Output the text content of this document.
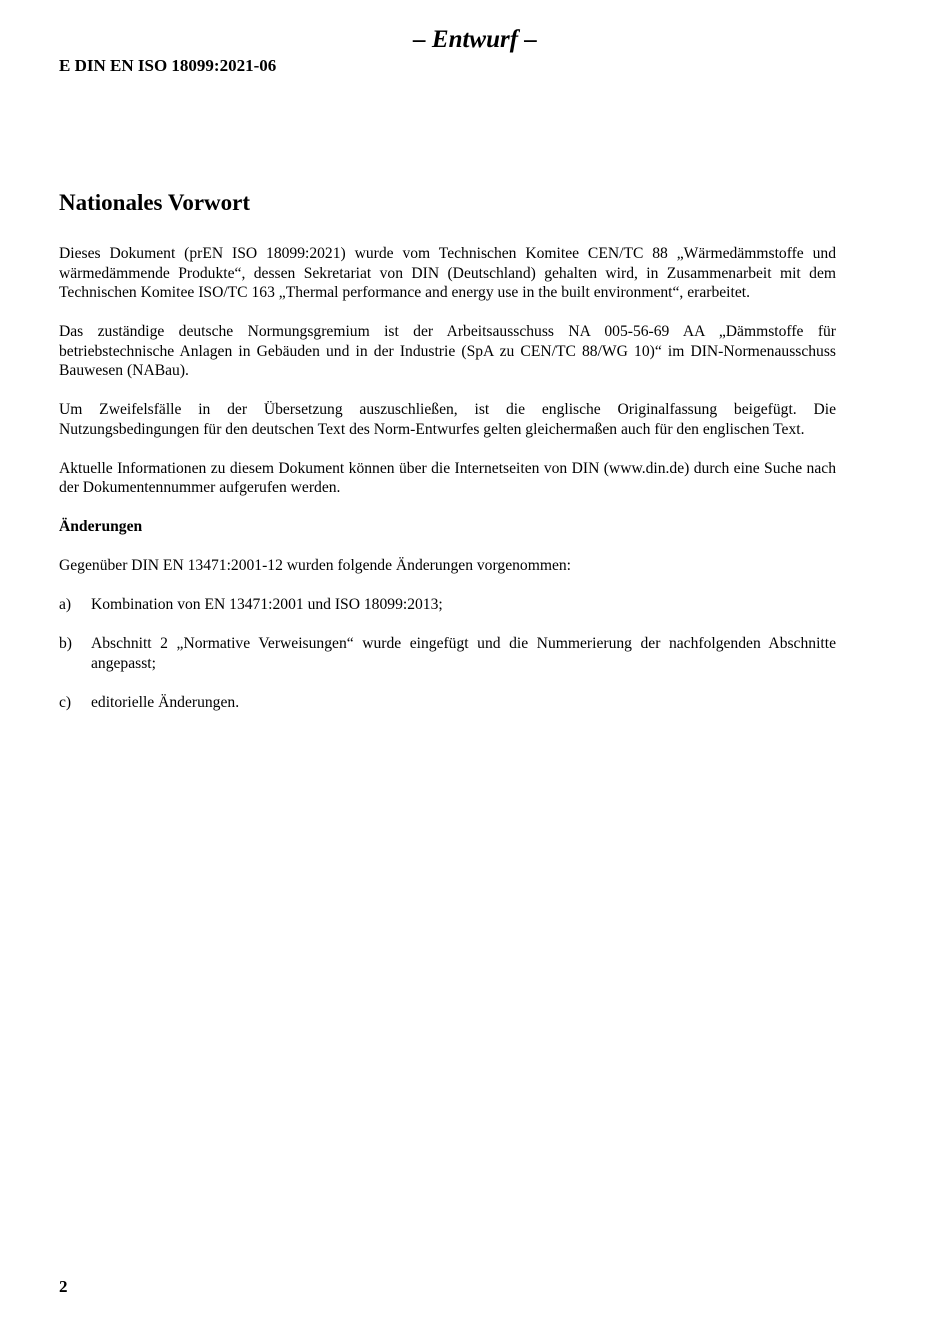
– Entwurf –
E DIN EN ISO 18099:2021-06
Nationales Vorwort

Dieses Dokument (prEN ISO 18099:2021) wurde vom Technischen Komitee CEN/TC 88 „Wärmedämmstoffe und wärmedämmende Produkte“, dessen Sekretariat von DIN (Deutschland) gehalten wird, in Zusammenarbeit mit dem Technischen Komitee ISO/TC 163 „Thermal performance and energy use in the built environment“, erarbeitet.

Das zuständige deutsche Normungsgremium ist der Arbeitsausschuss NA 005-56-69 AA „Dämmstoffe für betriebstechnische Anlagen in Gebäuden und in der Industrie (SpA zu CEN/TC 88/WG 10)“ im DIN-Normenausschuss Bauwesen (NABau).

Um Zweifelsfälle in der Übersetzung auszuschließen, ist die englische Originalfassung beigefügt. Die Nutzungsbedingungen für den deutschen Text des Norm-Entwurfes gelten gleichermaßen auch für den englischen Text.

Aktuelle Informationen zu diesem Dokument können über die Internetseiten von DIN (www.din.de) durch eine Suche nach der Dokumentennummer aufgerufen werden.

Änderungen

Gegenüber DIN EN 13471:2001-12 wurden folgende Änderungen vorgenommen:

a)	Kombination von EN 13471:2001 und ISO 18099:2013;
b)	Abschnitt 2 „Normative Verweisungen“ wurde eingefügt und die Nummerierung der nachfolgenden Abschnitte angepasst;
c)	editorielle Änderungen.
2
